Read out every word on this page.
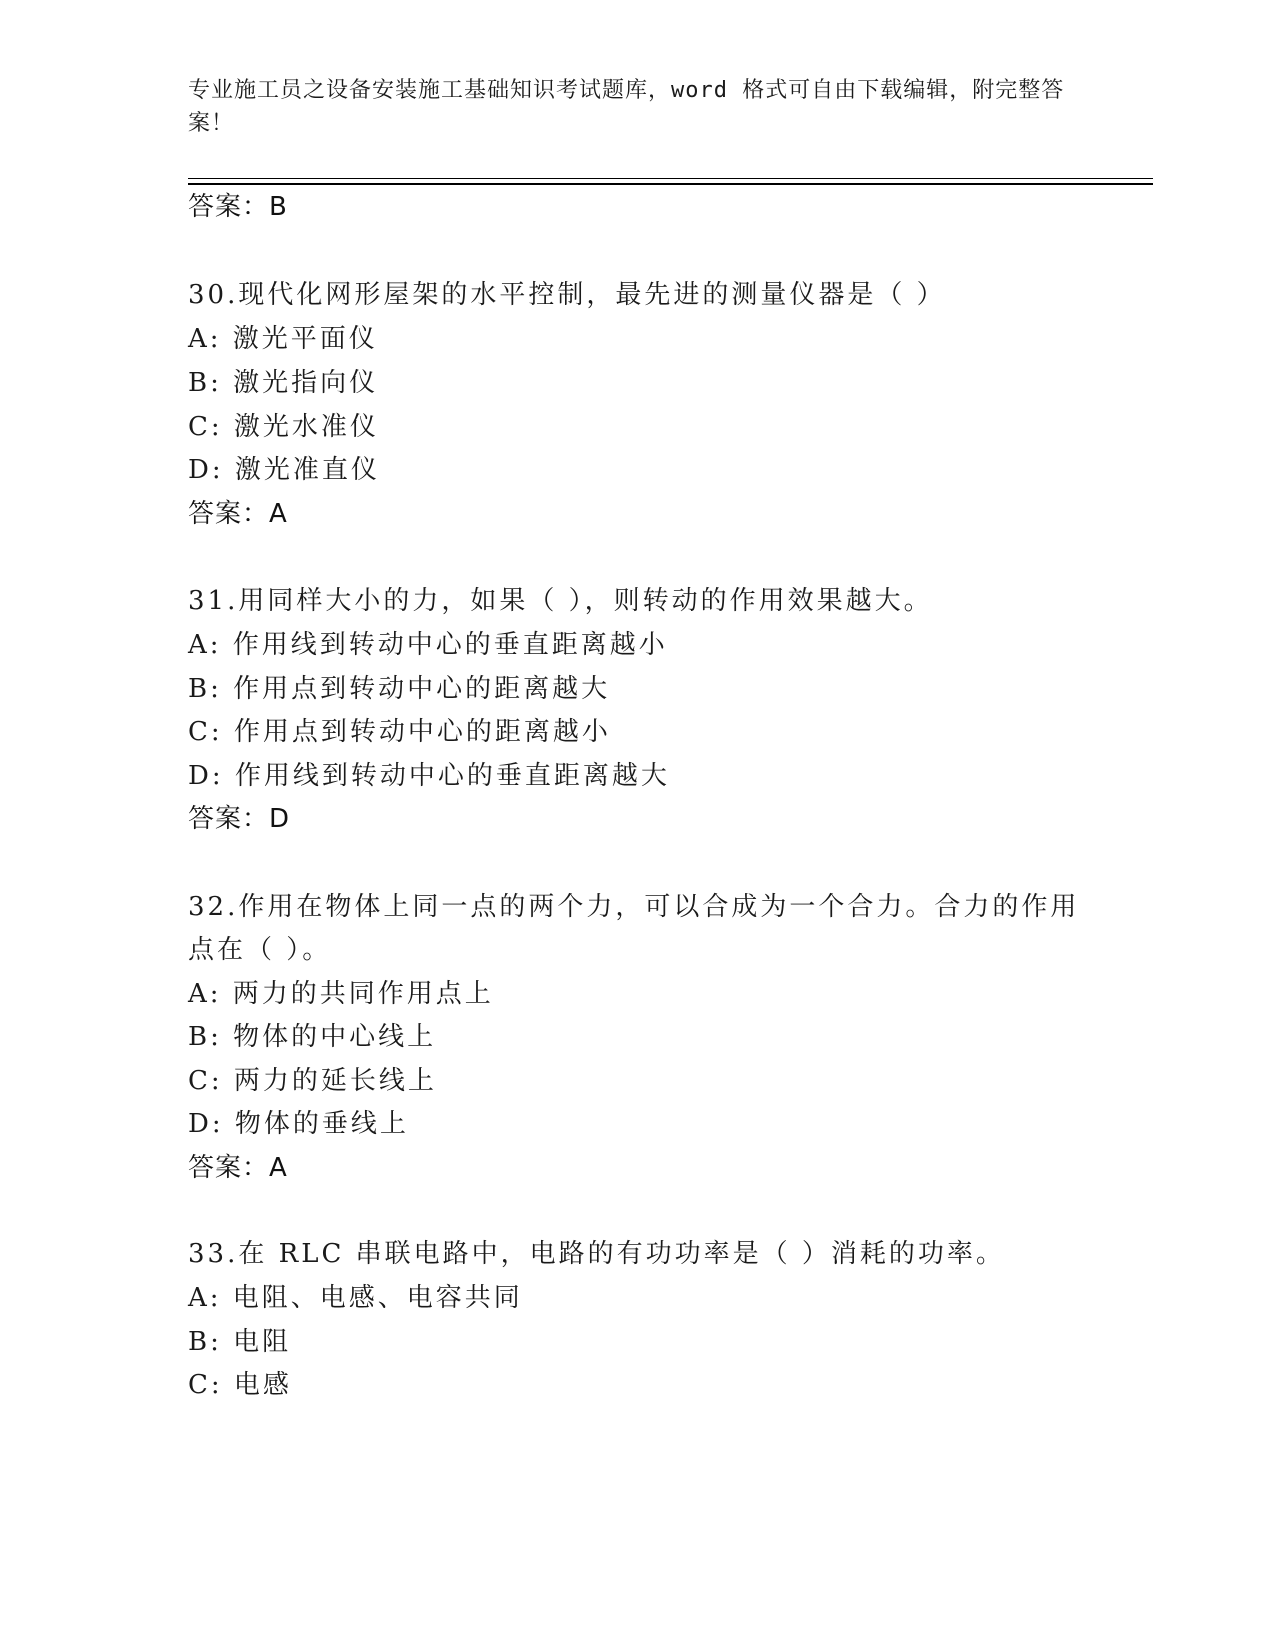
专业施工员之设备安装施工基础知识考试题库，word 格式可自由下载编辑，附完整答案！
答案：B
30.现代化网形屋架的水平控制，最先进的测量仪器是（ ）
A: 激光平面仪
B: 激光指向仪
C: 激光水准仪
D: 激光准直仪
答案：A
31.用同样大小的力，如果（ ），则转动的作用效果越大。
A: 作用线到转动中心的垂直距离越小
B: 作用点到转动中心的距离越大
C: 作用点到转动中心的距离越小
D: 作用线到转动中心的垂直距离越大
答案：D
32.作用在物体上同一点的两个力，可以合成为一个合力。合力的作用
点在（ ）。
A: 两力的共同作用点上
B: 物体的中心线上
C: 两力的延长线上
D: 物体的垂线上
答案：A
33.在 RLC 串联电路中，电路的有功功率是（ ）消耗的功率。
A: 电阻、电感、电容共同
B: 电阻
C: 电感
